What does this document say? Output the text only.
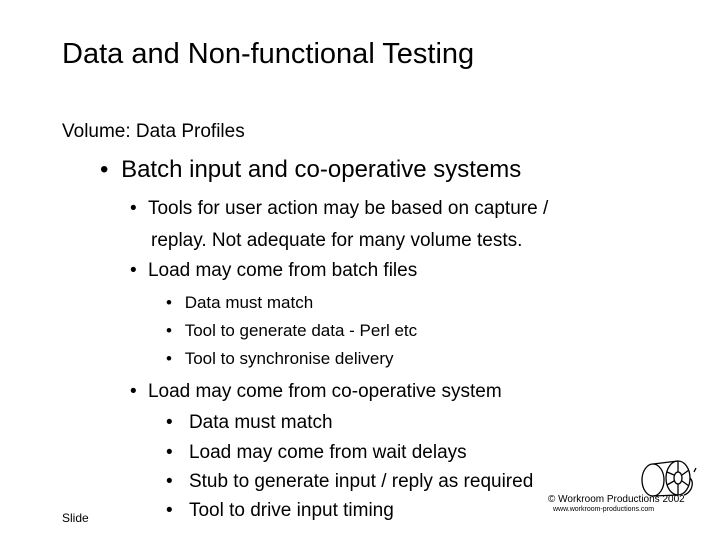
Data and Non-functional Testing
Volume: Data Profiles
• Batch input and co-operative systems
• Tools for user action may be based on capture /
replay. Not adequate for many volume tests.
• Load may come from batch files
• Data must match
• Tool to generate data - Perl etc
• Tool to synchronise delivery
• Load may come from co-operative system
• Data must match
• Load may come from wait delays
• Stub to generate input / reply as required
• Tool to drive input timing
Slide
© Workroom Productions 2002
www.workroom-productions.com
